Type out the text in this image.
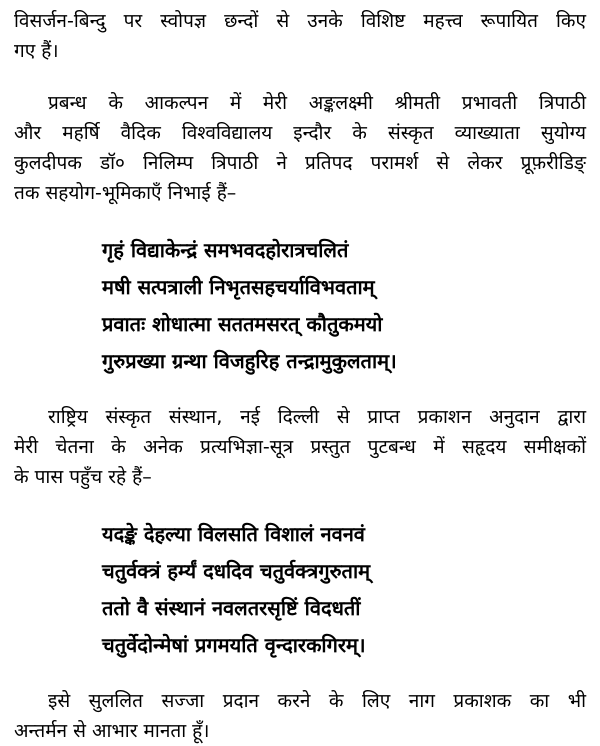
विसर्जन-बिन्दु पर स्वोपज्ञ छन्दों से उनके विशिष्ट महत्त्व रूपायित किए
गए हैं।

प्रबन्ध के आकल्पन में मेरी अङ्कलक्ष्मी श्रीमती प्रभावती त्रिपाठी
और महर्षि वैदिक विश्वविद्यालय इन्दौर के संस्कृत व्याख्याता सुयोग्य
कुलदीपक डॉ० निलिम्प त्रिपाठी ने प्रतिपद परामर्श से लेकर प्रूफ़रीडिङ्
तक सहयोग-भूमिकाएँ निभाई हैं–

गृहं विद्याकेन्द्रं समभवदहोरात्रचलितं
मषी सत्पत्राली निभृतसहचर्याविभवताम्
प्रवातः शोधात्मा सततमसरत् कौतुकमयो
गुरुप्रख्या ग्रन्था विजहुरिह तन्द्रामुकुलताम्।

राष्ट्रिय संस्कृत संस्थान, नई दिल्ली से प्राप्त प्रकाशन अनुदान द्वारा
मेरी चेतना के अनेक प्रत्यभिज्ञा-सूत्र प्रस्तुत पुटबन्ध में सहृदय समीक्षकों
के पास पहुँच रहे हैं–

यदङ्के देहल्या विलसति विशालं नवनवं
चतुर्वक्त्रं हर्म्यं दधदिव चतुर्वक्त्रगुरुताम्
ततो वै संस्थानं नवलतरसृष्टिं विदधतीं
चतुर्वेदोन्मेषां प्रगमयति वृन्दारकगिरम्।

इसे सुललित सज्जा प्रदान करने के लिए नाग प्रकाशक का भी
अन्तर्मन से आभार मानता हूँ।
